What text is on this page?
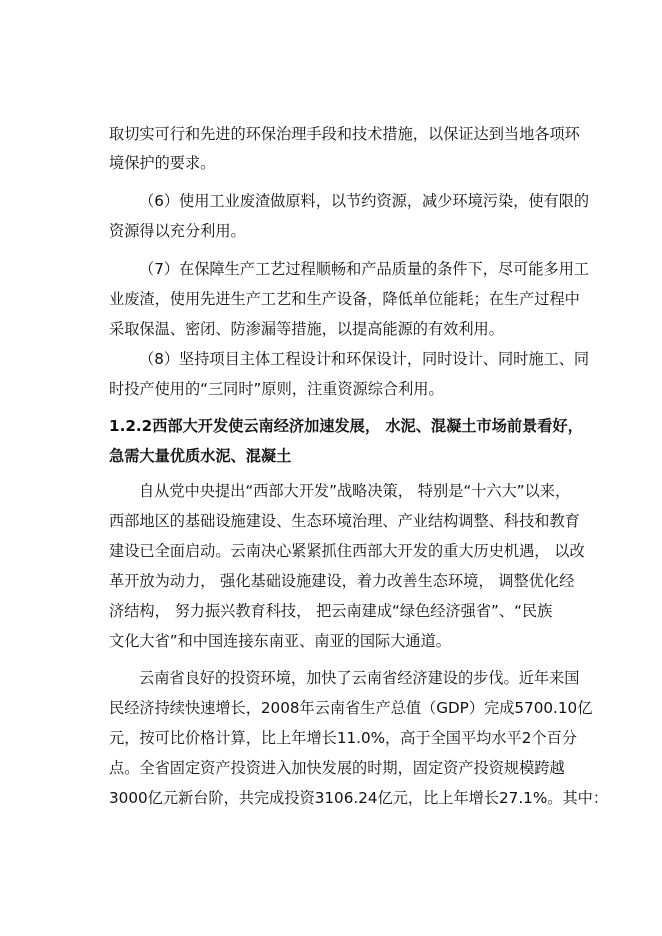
取切实可行和先进的环保治理手段和技术措施，以保证达到当地各项环
境保护的要求。
（6）使用工业废渣做原料，以节约资源，减少环境污染，使有限的
资源得以充分利用。
（7）在保障生产工艺过程顺畅和产品质量的条件下，尽可能多用工
业废渣，使用先进生产工艺和生产设备，降低单位能耗；在生产过程中
采取保温、密闭、防渗漏等措施，以提高能源的有效利用。
（8）坚持项目主体工程设计和环保设计，同时设计、同时施工、同
时投产使用的“三同时”原则，注重资源综合利用。
1.2.2西部大开发使云南经济加速发展， 水泥、混凝土市场前景看好，
急需大量优质水泥、混凝土
自从党中央提出“西部大开发”战略决策， 特别是“十六大”以来，
西部地区的基础设施建设、生态环境治理、产业结构调整、科技和教育
建设已全面启动。云南决心紧紧抓住西部大开发的重大历史机遇， 以改
革开放为动力， 强化基础设施建设，着力改善生态环境， 调整优化经
济结构， 努力振兴教育科技， 把云南建成“绿色经济强省”、“民族
文化大省”和中国连接东南亚、南亚的国际大通道。
云南省良好的投资环境，加快了云南省经济建设的步伐。近年来国
民经济持续快速增长，2008年云南省生产总值（GDP）完成5700.10亿
元，按可比价格计算，比上年增长11.0%，高于全国平均水平2个百分
点。全省固定资产投资进入加快发展的时期，固定资产投资规模跨越
3000亿元新台阶，共完成投资3106.24亿元，比上年增长27.1%。其中：
